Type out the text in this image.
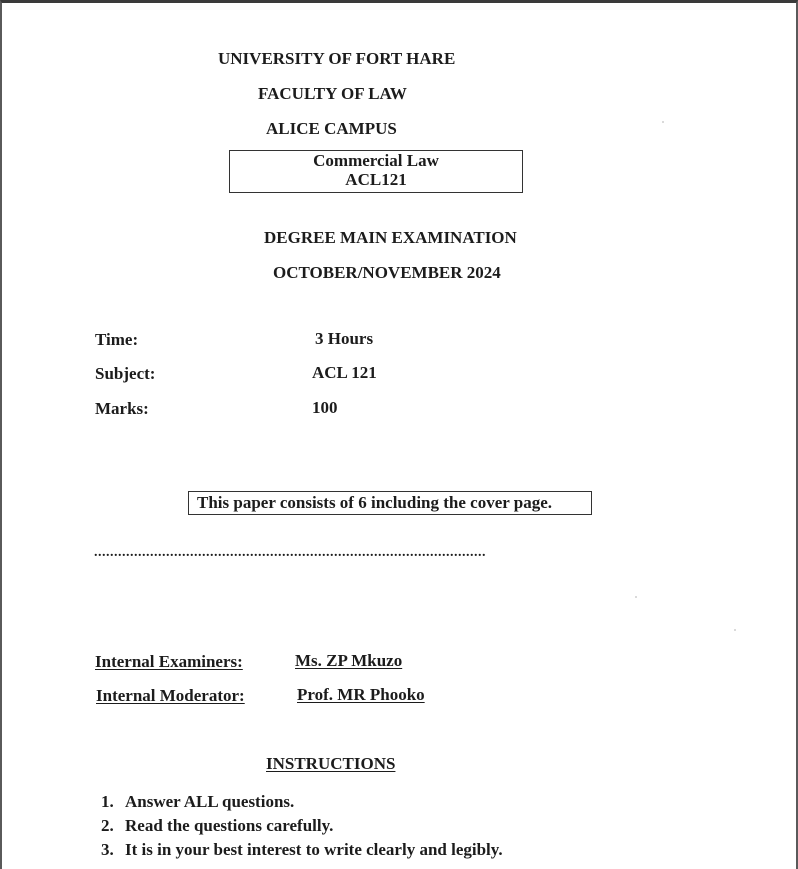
UNIVERSITY OF FORT HARE
FACULTY OF LAW
ALICE CAMPUS
Commercial Law
ACL121
DEGREE MAIN EXAMINATION
OCTOBER/NOVEMBER 2024
Time:	3 Hours
Subject:	ACL 121
Marks:	100
This paper consists of 6 including the cover page.
..................................................................................................
Internal Examiners:	Ms. ZP Mkuzo
Internal Moderator:	Prof. MR Phooko
INSTRUCTIONS
1. Answer ALL questions.
2. Read the questions carefully.
3. It is in your best interest to write clearly and legibly.
